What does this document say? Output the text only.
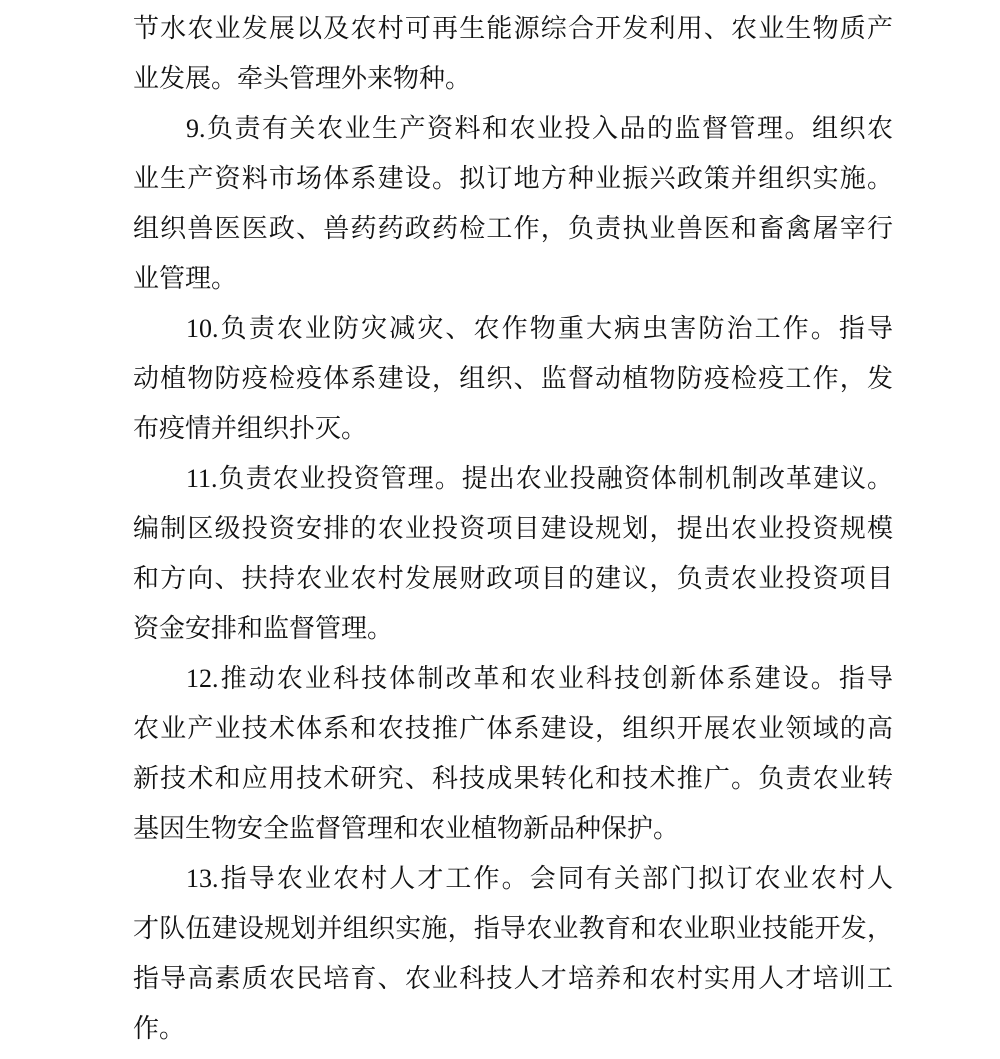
节水农业发展以及农村可再生能源综合开发利用、农业生物质产
业发展。牵头管理外来物种。
9.负责有关农业生产资料和农业投入品的监督管理。组织农
业生产资料市场体系建设。拟订地方种业振兴政策并组织实施。
组织兽医医政、兽药药政药检工作，负责执业兽医和畜禽屠宰行
业管理。
10.负责农业防灾减灾、农作物重大病虫害防治工作。指导
动植物防疫检疫体系建设，组织、监督动植物防疫检疫工作，发
布疫情并组织扑灭。
11.负责农业投资管理。提出农业投融资体制机制改革建议。
编制区级投资安排的农业投资项目建设规划，提出农业投资规模
和方向、扶持农业农村发展财政项目的建议，负责农业投资项目
资金安排和监督管理。
12.推动农业科技体制改革和农业科技创新体系建设。指导
农业产业技术体系和农技推广体系建设，组织开展农业领域的高
新技术和应用技术研究、科技成果转化和技术推广。负责农业转
基因生物安全监督管理和农业植物新品种保护。
13.指导农业农村人才工作。会同有关部门拟订农业农村人
才队伍建设规划并组织实施，指导农业教育和农业职业技能开发，
指导高素质农民培育、农业科技人才培养和农村实用人才培训工
作。
